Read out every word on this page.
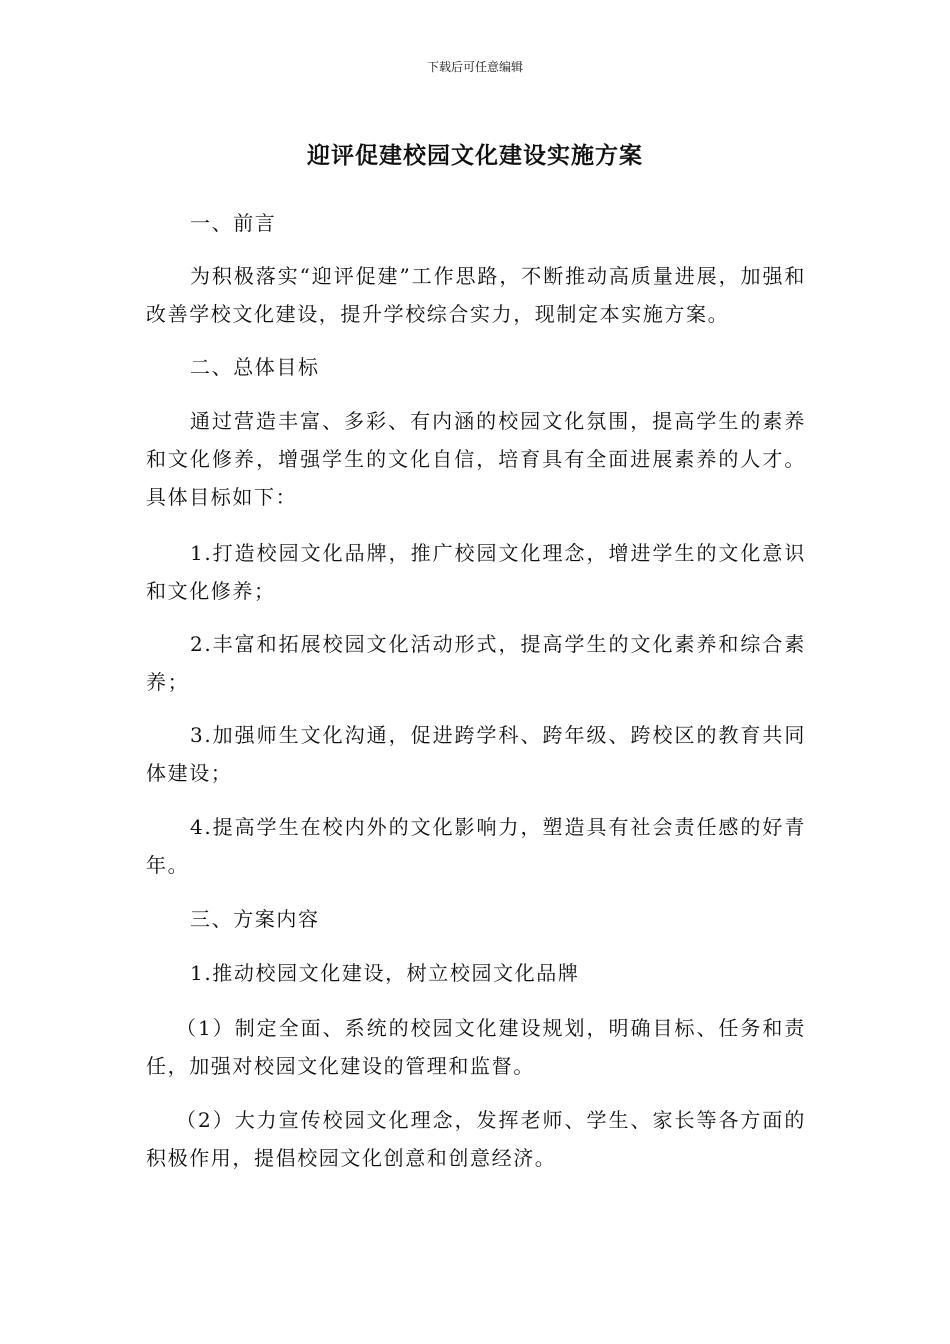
下载后可任意编辑
迎评促建校园文化建设实施方案

一、前言

为积极落实“迎评促建”工作思路，不断推动高质量进展，加强和改善学校文化建设，提升学校综合实力，现制定本实施方案。

二、总体目标

通过营造丰富、多彩、有内涵的校园文化氛围，提高学生的素养和文化修养，增强学生的文化自信，培育具有全面进展素养的人才。具体目标如下：

1.打造校园文化品牌，推广校园文化理念，增进学生的文化意识和文化修养；

2.丰富和拓展校园文化活动形式，提高学生的文化素养和综合素养；

3.加强师生文化沟通，促进跨学科、跨年级、跨校区的教育共同体建设；

4.提高学生在校内外的文化影响力，塑造具有社会责任感的好青年。

三、方案内容

1.推动校园文化建设，树立校园文化品牌

（1）制定全面、系统的校园文化建设规划，明确目标、任务和责任，加强对校园文化建设的管理和监督。

（2）大力宣传校园文化理念，发挥老师、学生、家长等各方面的积极作用，提倡校园文化创意和创意经济。
